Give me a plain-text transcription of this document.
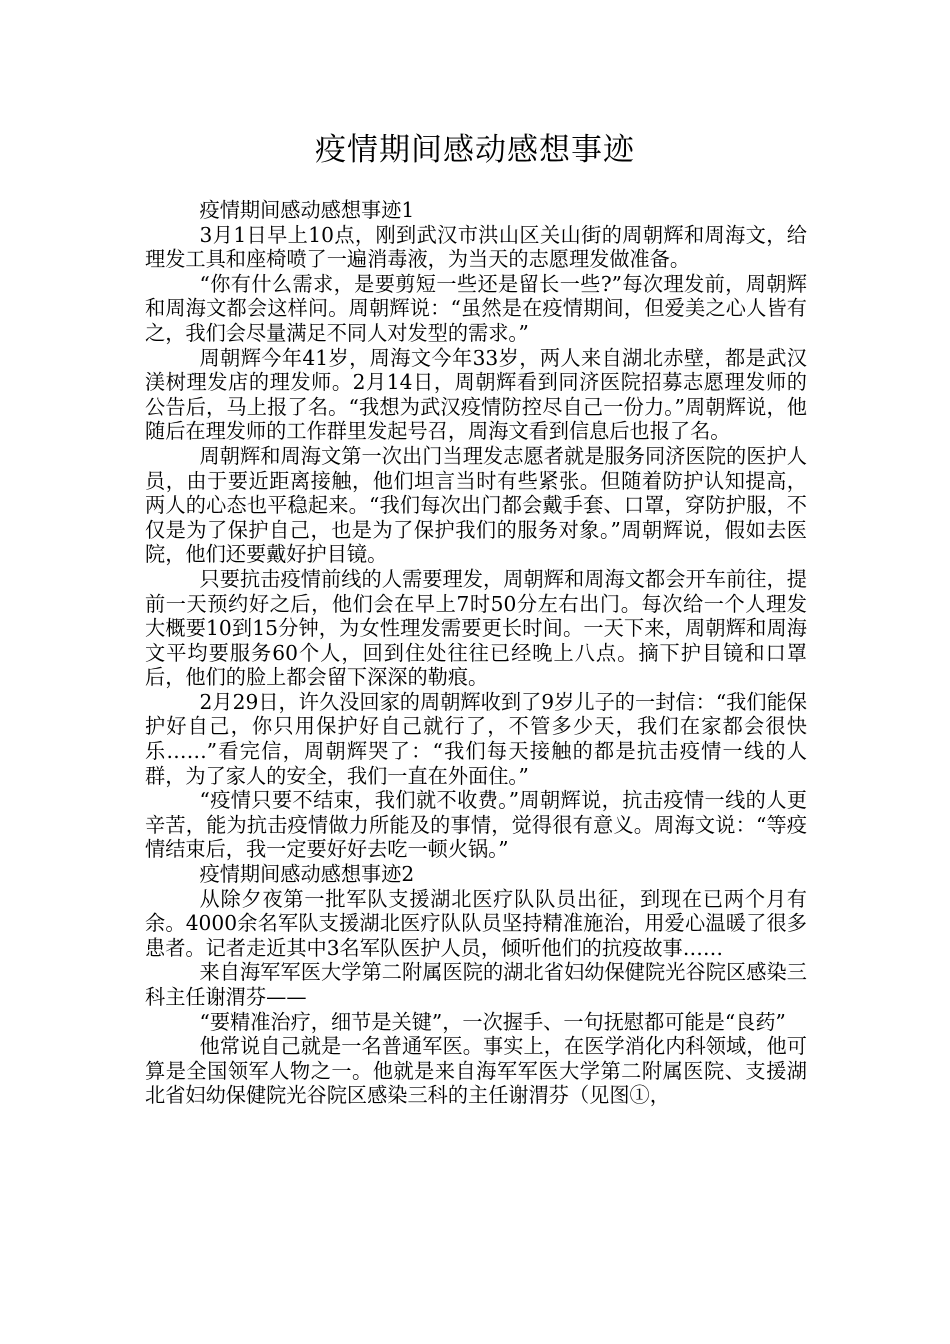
疫情期间感动感想事迹

疫情期间感动感想事迹1

3月1日早上10点，刚到武汉市洪山区关山街的周朝辉和周海文，给理发工具和座椅喷了一遍消毒液，为当天的志愿理发做准备。

“你有什么需求，是要剪短一些还是留长一些?”每次理发前，周朝辉和周海文都会这样问。周朝辉说：“虽然是在疫情期间，但爱美之心人皆有之，我们会尽量满足不同人对发型的需求。”

周朝辉今年41岁，周海文今年33岁，两人来自湖北赤壁，都是武汉渼树理发店的理发师。2月14日，周朝辉看到同济医院招募志愿理发师的公告后，马上报了名。“我想为武汉疫情防控尽自己一份力。”周朝辉说，他随后在理发师的工作群里发起号召，周海文看到信息后也报了名。

周朝辉和周海文第一次出门当理发志愿者就是服务同济医院的医护人员，由于要近距离接触，他们坦言当时有些紧张。但随着防护认知提高，两人的心态也平稳起来。“我们每次出门都会戴手套、口罩，穿防护服，不仅是为了保护自己，也是为了保护我们的服务对象。”周朝辉说，假如去医院，他们还要戴好护目镜。

只要抗击疫情前线的人需要理发，周朝辉和周海文都会开车前往，提前一天预约好之后，他们会在早上7时50分左右出门。每次给一个人理发大概要10到15分钟，为女性理发需要更长时间。一天下来，周朝辉和周海文平均要服务60个人，回到住处往往已经晚上八点。摘下护目镜和口罩后，他们的脸上都会留下深深的勒痕。

2月29日，许久没回家的周朝辉收到了9岁儿子的一封信：“我们能保护好自己，你只用保护好自己就行了，不管多少天，我们在家都会很快乐……”看完信，周朝辉哭了：“我们每天接触的都是抗击疫情一线的人群，为了家人的安全，我们一直在外面住。”

“疫情只要不结束，我们就不收费。”周朝辉说，抗击疫情一线的人更辛苦，能为抗击疫情做力所能及的事情，觉得很有意义。周海文说：“等疫情结束后，我一定要好好去吃一顿火锅。”

疫情期间感动感想事迹2

从除夕夜第一批军队支援湖北医疗队队员出征，到现在已两个月有余。4000余名军队支援湖北医疗队队员坚持精准施治，用爱心温暖了很多患者。记者走近其中3名军队医护人员，倾听他们的抗疫故事……

来自海军军医大学第二附属医院的湖北省妇幼保健院光谷院区感染三科主任谢渭芬——

“要精准治疗，细节是关键”，一次握手、一句抚慰都可能是“良药”

他常说自己就是一名普通军医。事实上，在医学消化内科领域，他可算是全国领军人物之一。他就是来自海军军医大学第二附属医院、支援湖北省妇幼保健院光谷院区感染三科的主任谢渭芬（见图①，
